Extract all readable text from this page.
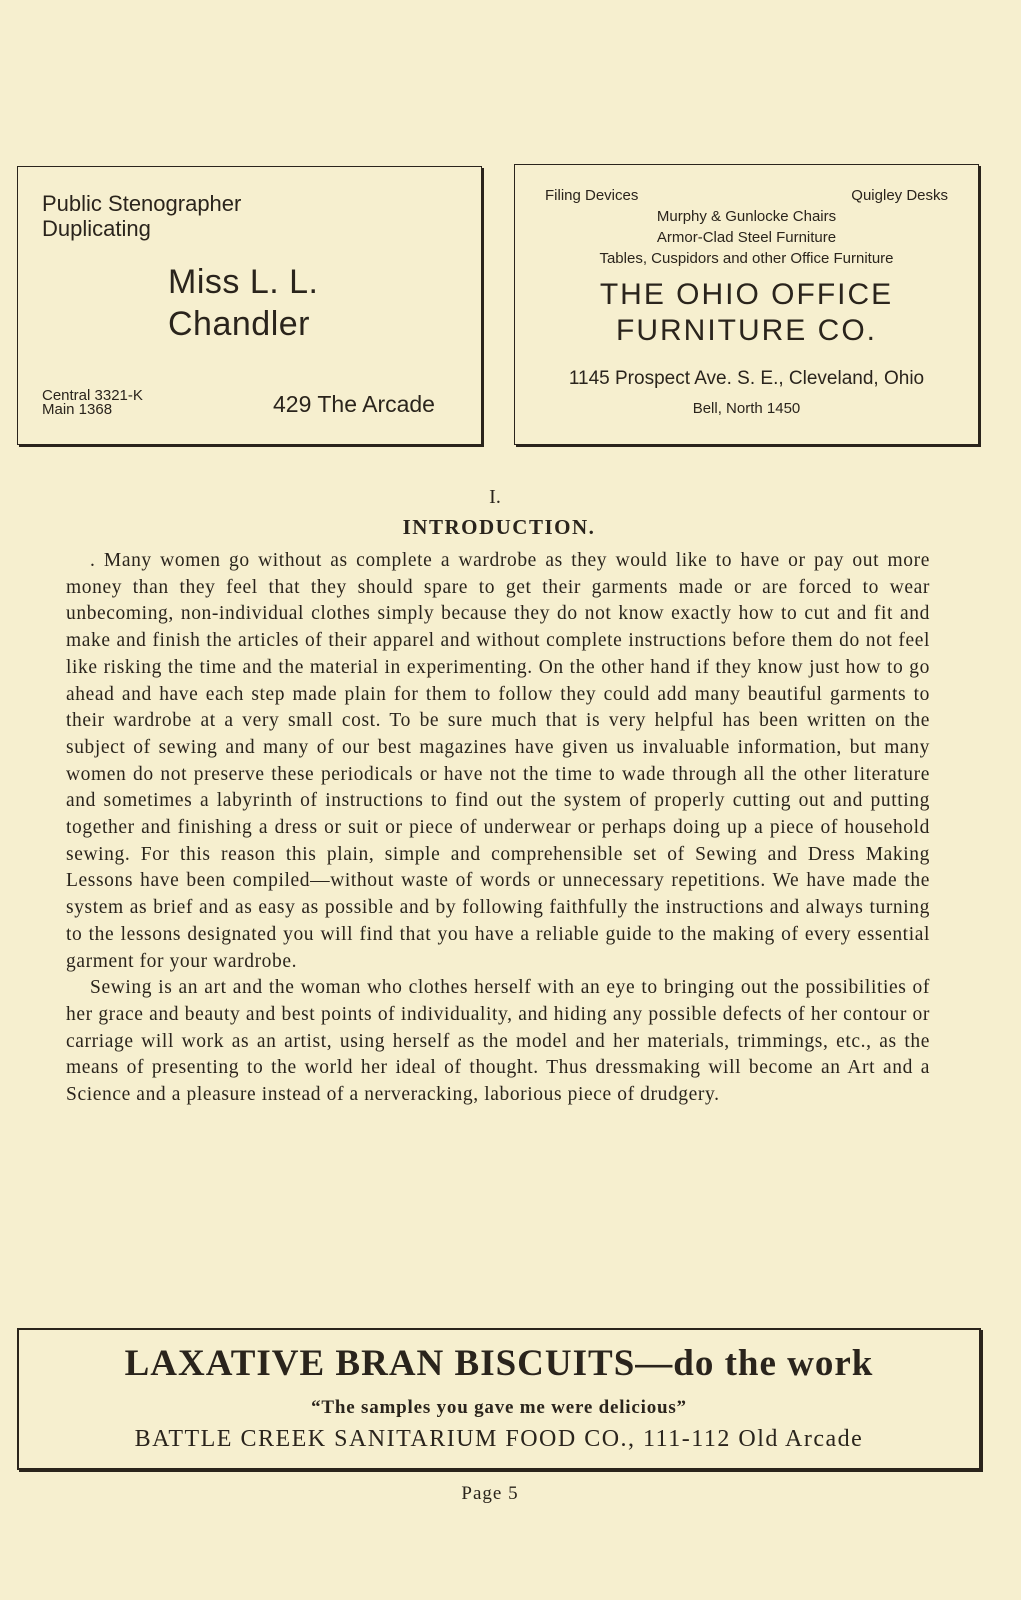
Public Stenographer
Duplicating
Miss L. L.
Chandler
Central 3321-K
Main 1368	429 The Arcade
Filing Devices	Quigley Desks
Murphy & Gunlocke Chairs
Armor-Clad Steel Furniture
Tables, Cuspidors and other Office Furniture
THE OHIO OFFICE
FURNITURE CO.
1145 Prospect Ave. S. E., Cleveland, Ohio
Bell, North 1450
I.
INTRODUCTION.

. Many women go without as complete a wardrobe as they would like to have or pay out more money than they feel that they should spare to get their garments made or are forced to wear unbecoming, non-individual clothes simply because they do not know exactly how to cut and fit and make and finish the articles of their apparel and without complete instructions before them do not feel like risking the time and the material in experimenting. On the other hand if they know just how to go ahead and have each step made plain for them to follow they could add many beautiful garments to their wardrobe at a very small cost. To be sure much that is very helpful has been written on the subject of sewing and many of our best magazines have given us invaluable information, but many women do not preserve these periodicals or have not the time to wade through all the other literature and sometimes a labyrinth of instructions to find out the system of properly cutting out and putting together and finishing a dress or suit or piece of underwear or perhaps doing up a piece of household sewing. For this reason this plain, simple and comprehensible set of Sewing and Dress Making Lessons have been compiled—without waste of words or unnecessary repetitions. We have made the system as brief and as easy as possible and by following faithfully the instructions and always turning to the lessons designated you will find that you have a reliable guide to the making of every essential garment for your wardrobe.

Sewing is an art and the woman who clothes herself with an eye to bringing out the possibilities of her grace and beauty and best points of individuality, and hiding any possible defects of her contour or carriage will work as an artist, using herself as the model and her materials, trimmings, etc., as the means of presenting to the world her ideal of thought. Thus dressmaking will become an Art and a Science and a pleasure instead of a nerveracking, laborious piece of drudgery.

LAXATIVE BRAN BISCUITS—do the work
“The samples you gave me were delicious”
BATTLE CREEK SANITARIUM FOOD CO., 111-112 Old Arcade
Page 5
